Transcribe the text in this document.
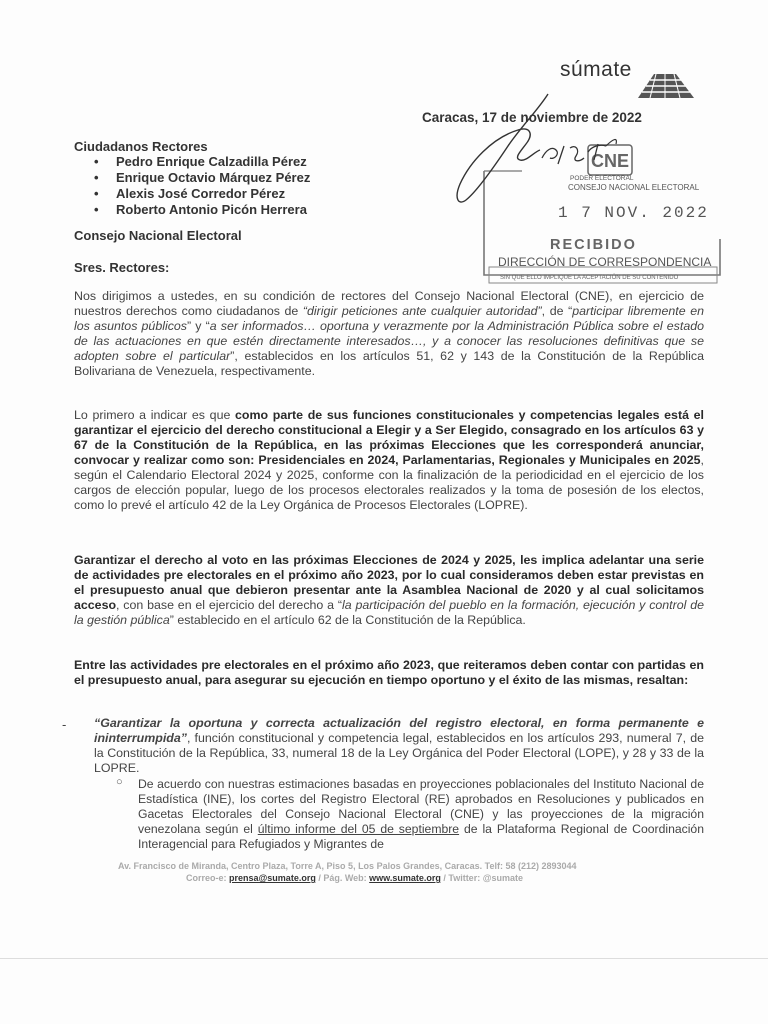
súmate
Caracas, 17 de noviembre de 2022
CNE
PODER ELECTORAL
CONSEJO NACIONAL ELECTORAL
1 7 NOV. 2022
RECIBIDO
DIRECCIÓN DE CORRESPONDENCIA
SIN QUE ELLO IMPLIQUE LA ACEPTACIÓN DE SU CONTENIDO
Ciudadanos Rectores
• Pedro Enrique Calzadilla Pérez
• Enrique Octavio Márquez Pérez
• Alexis José Corredor Pérez
• Roberto Antonio Picón Herrera
Consejo Nacional Electoral
Sres. Rectores:

Nos dirigimos a ustedes, en su condición de rectores del Consejo Nacional Electoral (CNE), en ejercicio de nuestros derechos como ciudadanos de “dirigir peticiones ante cualquier autoridad”, de “participar libremente en los asuntos públicos” y “a ser informados… oportuna y verazmente por la Administración Pública sobre el estado de las actuaciones en que estén directamente interesados…, y a conocer las resoluciones definitivas que se adopten sobre el particular”, establecidos en los artículos 51, 62 y 143 de la Constitución de la República Bolivariana de Venezuela, respectivamente.

Lo primero a indicar es que como parte de sus funciones constitucionales y competencias legales está el garantizar el ejercicio del derecho constitucional a Elegir y a Ser Elegido, consagrado en los artículos 63 y 67 de la Constitución de la República, en las próximas Elecciones que les corresponderá anunciar, convocar y realizar como son: Presidenciales en 2024, Parlamentarias, Regionales y Municipales en 2025, según el Calendario Electoral 2024 y 2025, conforme con la finalización de la periodicidad en el ejercicio de los cargos de elección popular, luego de los procesos electorales realizados y la toma de posesión de los electos, como lo prevé el artículo 42 de la Ley Orgánica de Procesos Electorales (LOPRE).

Garantizar el derecho al voto en las próximas Elecciones de 2024 y 2025, les implica adelantar una serie de actividades pre electorales en el próximo año 2023, por lo cual consideramos deben estar previstas en el presupuesto anual que debieron presentar ante la Asamblea Nacional de 2020 y al cual solicitamos acceso, con base en el ejercicio del derecho a “la participación del pueblo en la formación, ejecución y control de la gestión pública” establecido en el artículo 62 de la Constitución de la República.

Entre las actividades pre electorales en el próximo año 2023, que reiteramos deben contar con partidas en el presupuesto anual, para asegurar su ejecución en tiempo oportuno y el éxito de las mismas, resaltan:

- “Garantizar la oportuna y correcta actualización del registro electoral, en forma permanente e ininterrumpida”, función constitucional y competencia legal, establecidos en los artículos 293, numeral 7, de la Constitución de la República, 33, numeral 18 de la Ley Orgánica del Poder Electoral (LOPE), y 28 y 33 de la LOPRE.

○ De acuerdo con nuestras estimaciones basadas en proyecciones poblacionales del Instituto Nacional de Estadística (INE), los cortes del Registro Electoral (RE) aprobados en Resoluciones y publicados en Gacetas Electorales del Consejo Nacional Electoral (CNE) y las proyecciones de la migración venezolana según el último informe del 05 de septiembre de la Plataforma Regional de Coordinación Interagencial para Refugiados y Migrantes de

Av. Francisco de Miranda, Centro Plaza, Torre A, Piso 5, Los Palos Grandes, Caracas. Telf: 58 (212) 2893044
Correo-e: prensa@sumate.org / Pág. Web: www.sumate.org / Twitter: @sumate
